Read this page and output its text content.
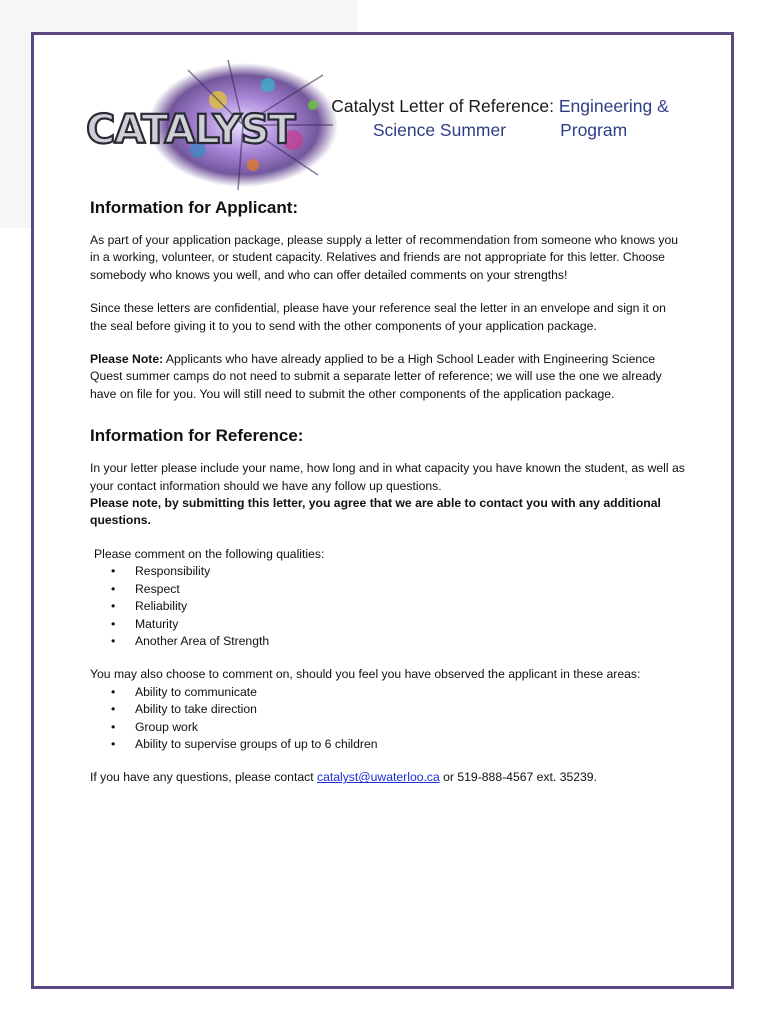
CATALYST
Catalyst Letter of Reference: Engineering &
Science Summer	Program
Information for Applicant:

As part of your application package, please supply a letter of recommendation from someone who knows you in a working, volunteer, or student capacity. Relatives and friends are not appropriate for this letter. Choose somebody who knows you well, and who can offer detailed comments on your strengths!

Since these letters are confidential, please have your reference seal the letter in an envelope and sign it on the seal before giving it to you to send with the other components of your application package.

Please Note: Applicants who have already applied to be a High School Leader with Engineering Science Quest summer camps do not need to submit a separate letter of reference; we will use the one we already have on file for you. You will still need to submit the other components of the application package.

Information for Reference:

In your letter please include your name, how long and in what capacity you have known the student, as well as your contact information should we have any follow up questions.

Please note, by submitting this letter, you agree that we are able to contact you with any additional questions.

Please comment on the following qualities:

• Responsibility
• Respect
• Reliability
• Maturity
• Another Area of Strength

You may also choose to comment on, should you feel you have observed the applicant in these areas:

• Ability to communicate
• Ability to take direction
• Group work
• Ability to supervise groups of up to 6 children

If you have any questions, please contact catalyst@uwaterloo.ca or 519-888-4567 ext. 35239.
